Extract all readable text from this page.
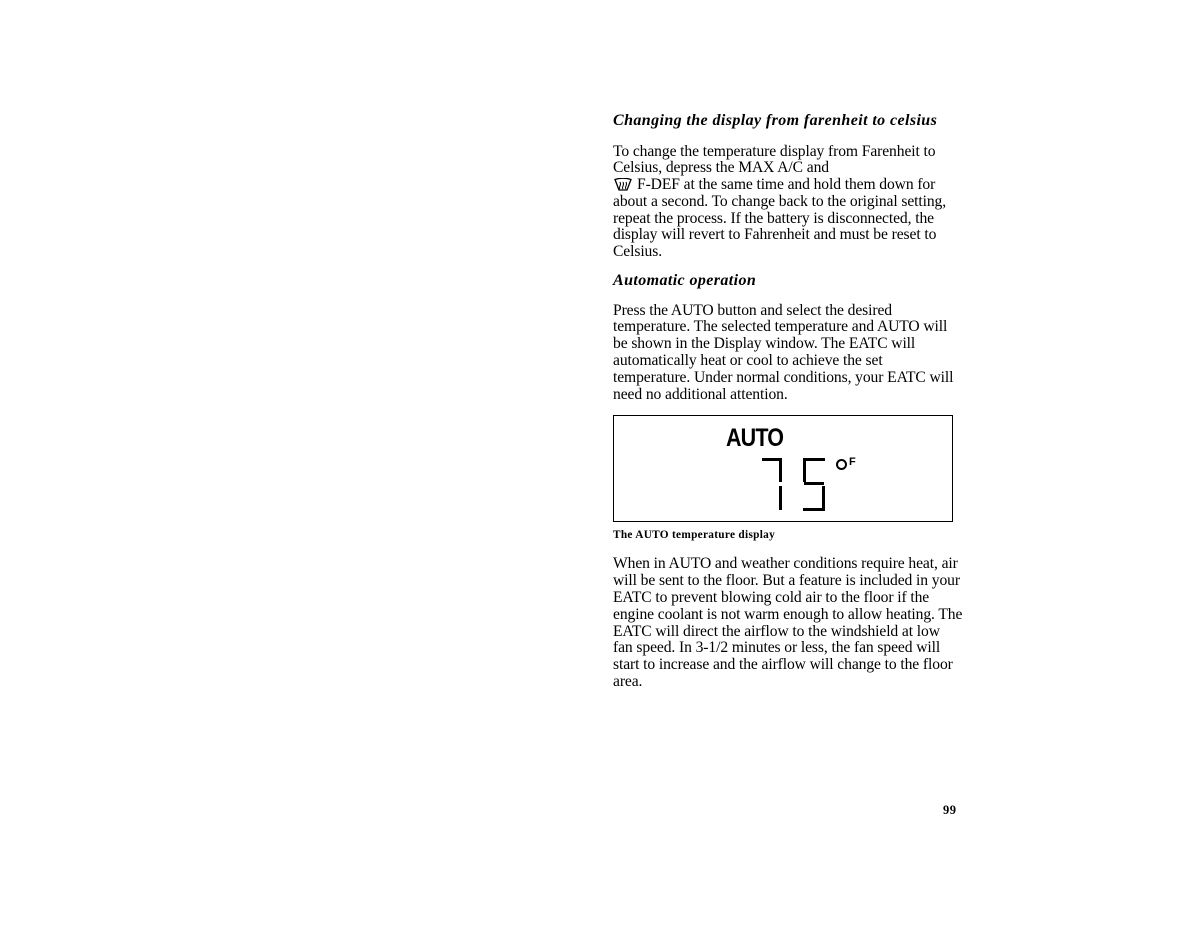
Changing the display from farenheit to celsius

To change the temperature display from Farenheit to Celsius, depress the MAX A/C and
F-DEF at the same time and hold them down for about a second. To change back to the original setting, repeat the process. If the battery is disconnected, the display will revert to Fahrenheit and must be reset to Celsius.

Automatic operation

Press the AUTO button and select the desired temperature. The selected temperature and AUTO will be shown in the Display window. The EATC will automatically heat or cool to achieve the set temperature. Under normal conditions, your EATC will need no additional attention.

AUTO
75	F

The AUTO temperature display

When in AUTO and weather conditions require heat, air will be sent to the floor. But a feature is included in your EATC to prevent blowing cold air to the floor if the engine coolant is not warm enough to allow heating. The EATC will direct the airflow to the windshield at low fan speed. In 3-1/2 minutes or less, the fan speed will start to increase and the airflow will change to the floor area.

99
